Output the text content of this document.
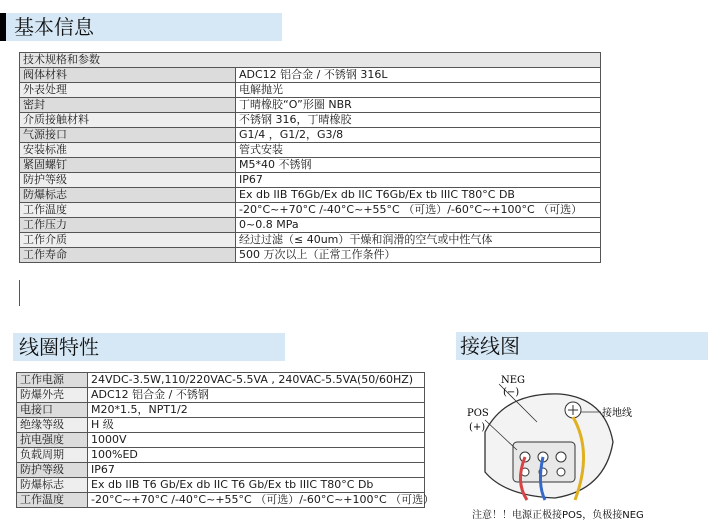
基本信息
技术规格和参数	
阀体材料	ADC12 铝合金 / 不锈钢 316L
外表处理	电解抛光
密封	丁晴橡胶“O”形圈 NBR
介质接触材料	不锈钢 316，丁晴橡胶
气源接口	G1/4 ，G1/2，G3/8
安装标准	管式安装
紧固螺钉	M5*40 不锈钢
防护等级	IP67
防爆标志	Ex db IIB T6Gb/Ex db IIC T6Gb/Ex tb IIIC T80°C DB
工作温度	-20°C~+70°C /-40°C~+55°C （可选）/-60°C~+100°C （可选）
工作压力	0~0.8 MPa
工作介质	经过过滤（≤ 40um）干燥和润滑的空气或中性气体
工作寿命	500 万次以上（正常工作条件）
线圈特性	接线图
工作电源	24VDC-3.5W,110/220VAC-5.5VA , 240VAC-5.5VA(50/60HZ)
防爆外壳	ADC12 铝合金 / 不锈钢
电接口	M20*1.5，NPT1/2
绝缘等级	H 级
抗电强度	1000V
负载周期	100%ED
防护等级	IP67
防爆标志	Ex db IIB T6 Gb/Ex db IIC T6 Gb/Ex tb IIIC T80°C Db
工作温度	-20°C~+70°C /-40°C~+55°C （可选）/-60°C~+100°C （可选）
NEG
(−)
POS
(+)
接地线
注意！！电源正极接POS，负极接NEG
